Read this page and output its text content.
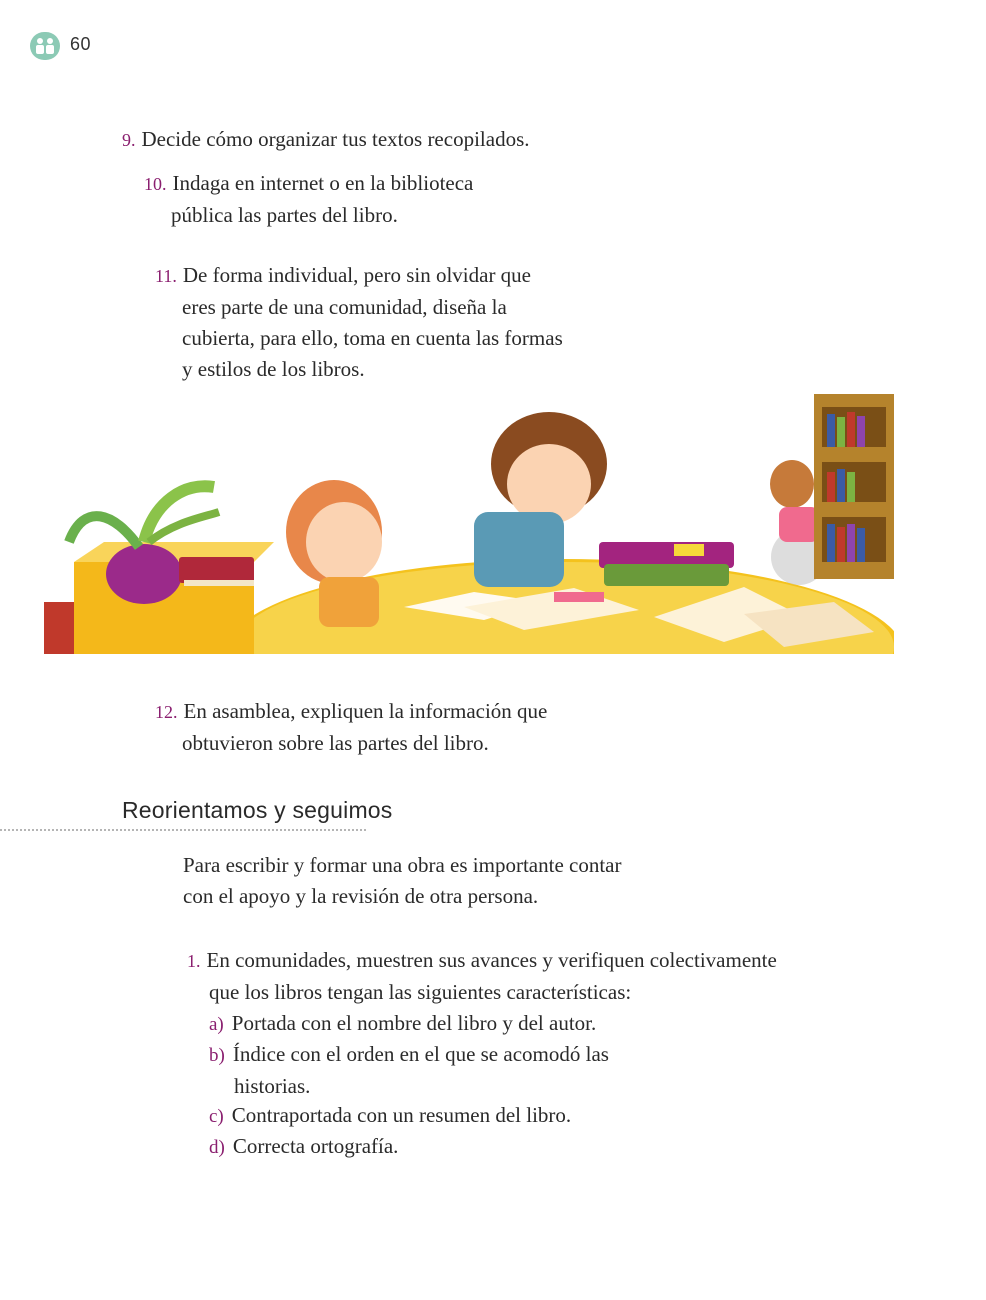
60
9. Decide cómo organizar tus textos recopilados.
10. Indaga en internet o en la biblioteca
pública las partes del libro.
11. De forma individual, pero sin olvidar que
eres parte de una comunidad, diseña la
cubierta, para ello, toma en cuenta las formas
y estilos de los libros.
12. En asamblea, expliquen la información que
obtuvieron sobre las partes del libro.
Reorientamos y seguimos
Para escribir y formar una obra es importante contar
con el apoyo y la revisión de otra persona.
1. En comunidades, muestren sus avances y verifiquen colectivamente
que los libros tengan las siguientes características:
a) Portada con el nombre del libro y del autor.
b) Índice con el orden en el que se acomodó las
historias.
c) Contraportada con un resumen del libro.
d) Correcta ortografía.
